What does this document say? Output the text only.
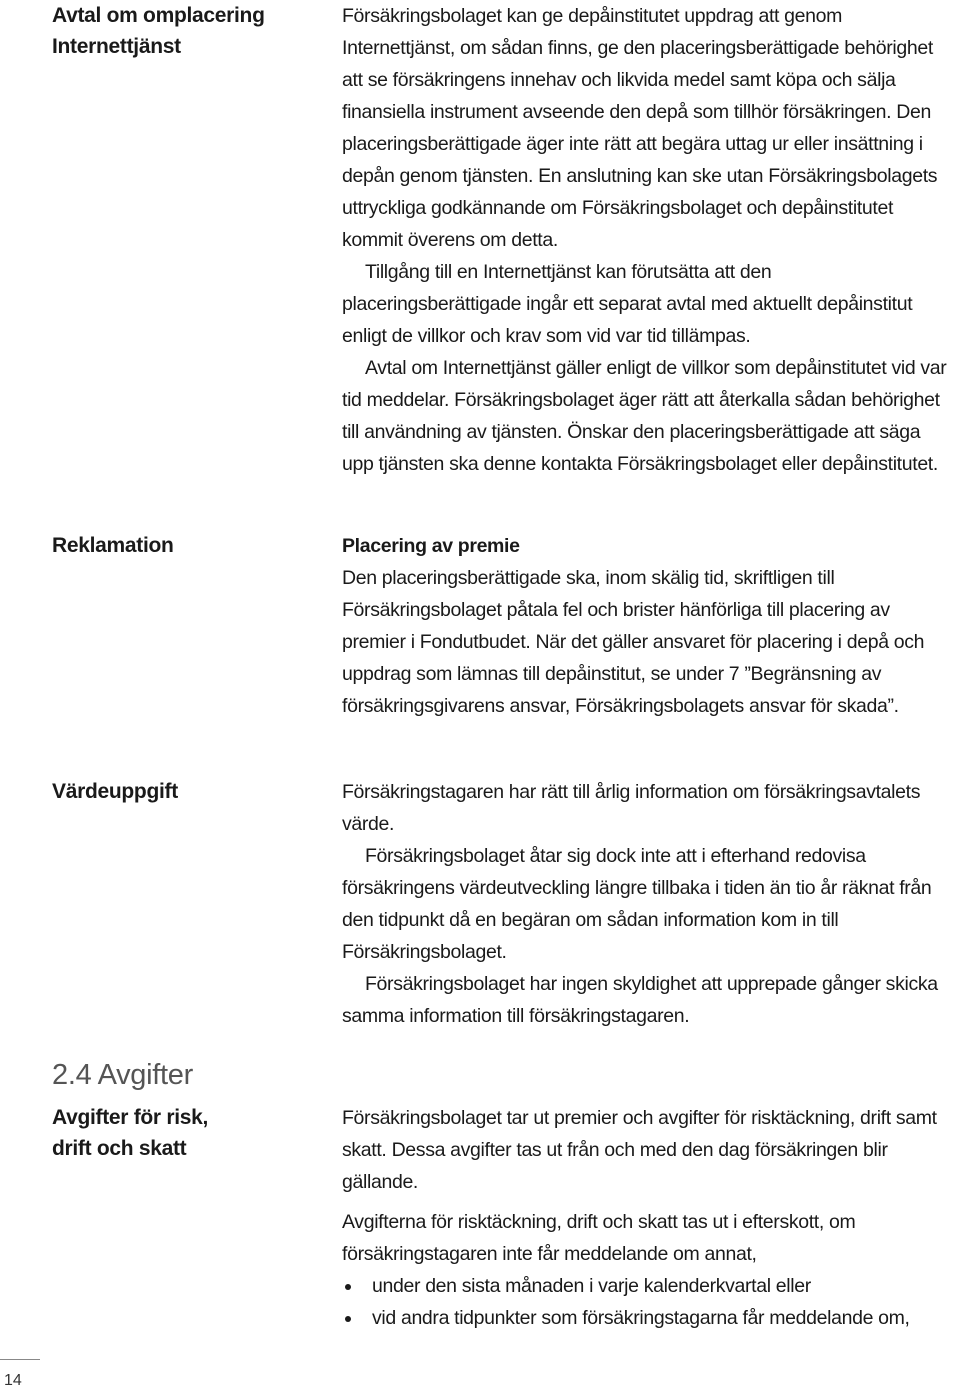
Avtal om omplacering Internettjänst
Reklamation
Värdeuppgift
2.4 Avgifter
Avgifter för risk, drift och skatt

Försäkringsbolaget kan ge depåinstitutet uppdrag att genom Internettjänst, om sådan finns, ge den placeringsberättigade behörighet att se försäkringens innehav och likvida medel samt köpa och sälja finansiella instrument avseende den depå som tillhör försäkringen. Den placeringsberättigade äger inte rätt att begära uttag ur eller insättning i depån genom tjänsten. En anslutning kan ske utan Försäkringsbolagets uttryckliga godkännande om Försäkringsbolaget och depåinstitutet kommit överens om detta.

Tillgång till en Internettjänst kan förutsätta att den placeringsberättigade ingår ett separat avtal med aktuellt depåinstitut enligt de villkor och krav som vid var tid tillämpas.

Avtal om Internettjänst gäller enligt de villkor som depåinstitutet vid var tid meddelar. Försäkringsbolaget äger rätt att återkalla sådan behörighet till användning av tjänsten. Önskar den placeringsberättigade att säga upp tjänsten ska denne kontakta Försäkringsbolaget eller depåinstitutet.

Placering av premie

Den placeringsberättigade ska, inom skälig tid, skriftligen till Försäkringsbolaget påtala fel och brister hänförliga till placering av premier i Fondutbudet. När det gäller ansvaret för placering i depå och uppdrag som lämnas till depåinstitut, se under 7 ”Begränsning av försäkringsgivarens ansvar, Försäkringsbolagets ansvar för skada”.

Försäkringstagaren har rätt till årlig information om försäkringsavtalets värde.

Försäkringsbolaget åtar sig dock inte att i efterhand redovisa försäkringens värdeutveckling längre tillbaka i tiden än tio år räknat från den tidpunkt då en begäran om sådan information kom in till Försäkringsbolaget.

Försäkringsbolaget har ingen skyldighet att upprepade gånger skicka samma information till försäkringstagaren.

Försäkringsbolaget tar ut premier och avgifter för risktäckning, drift samt skatt. Dessa avgifter tas ut från och med den dag försäkringen blir gällande.

Avgifterna för risktäckning, drift och skatt tas ut i efterskott, om försäkringstagaren inte får meddelande om annat,

under den sista månaden i varje kalenderkvartal eller
vid andra tidpunkter som försäkringstagarna får meddelande om,
14
